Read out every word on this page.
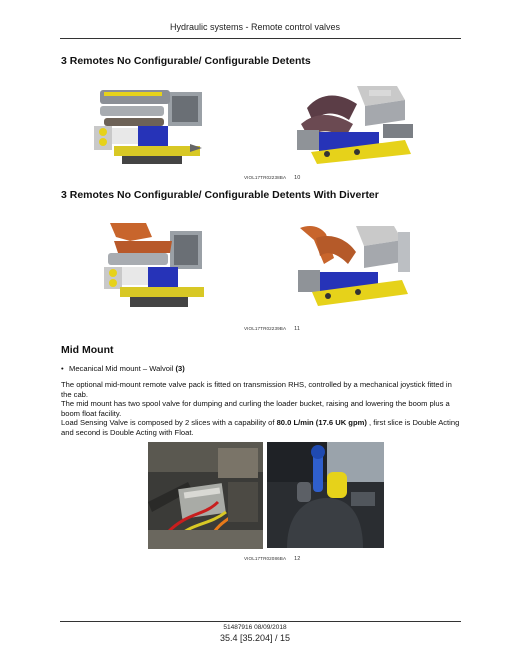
Hydraulic systems - Remote control valves
3 Remotes No Configurable/ Configurable Detents
VIOL17TR02238BA 10
3 Remotes No Configurable/ Configurable Detents With Diverter
VIOL17TR02239BA 11
Mid Mount
• Mecanical Mid mount – Walvoil (3)

The optional mid-mount remote valve pack is fitted on transmission RHS, controlled by a mechanical joystick fitted in the cab.

The mid mount has two spool valve for dumping and curling the loader bucket, raising and lowering the boom plus a boom float facility.

Load Sensing Valve is composed by 2 slices with a capability of 80.0 L/min (17.6 UK gpm) , first slice is Double Acting and second is Double Acting with Float.

VIOL17TR02086BA 12
51487916 08/09/2018
35.4 [35.204] / 15
